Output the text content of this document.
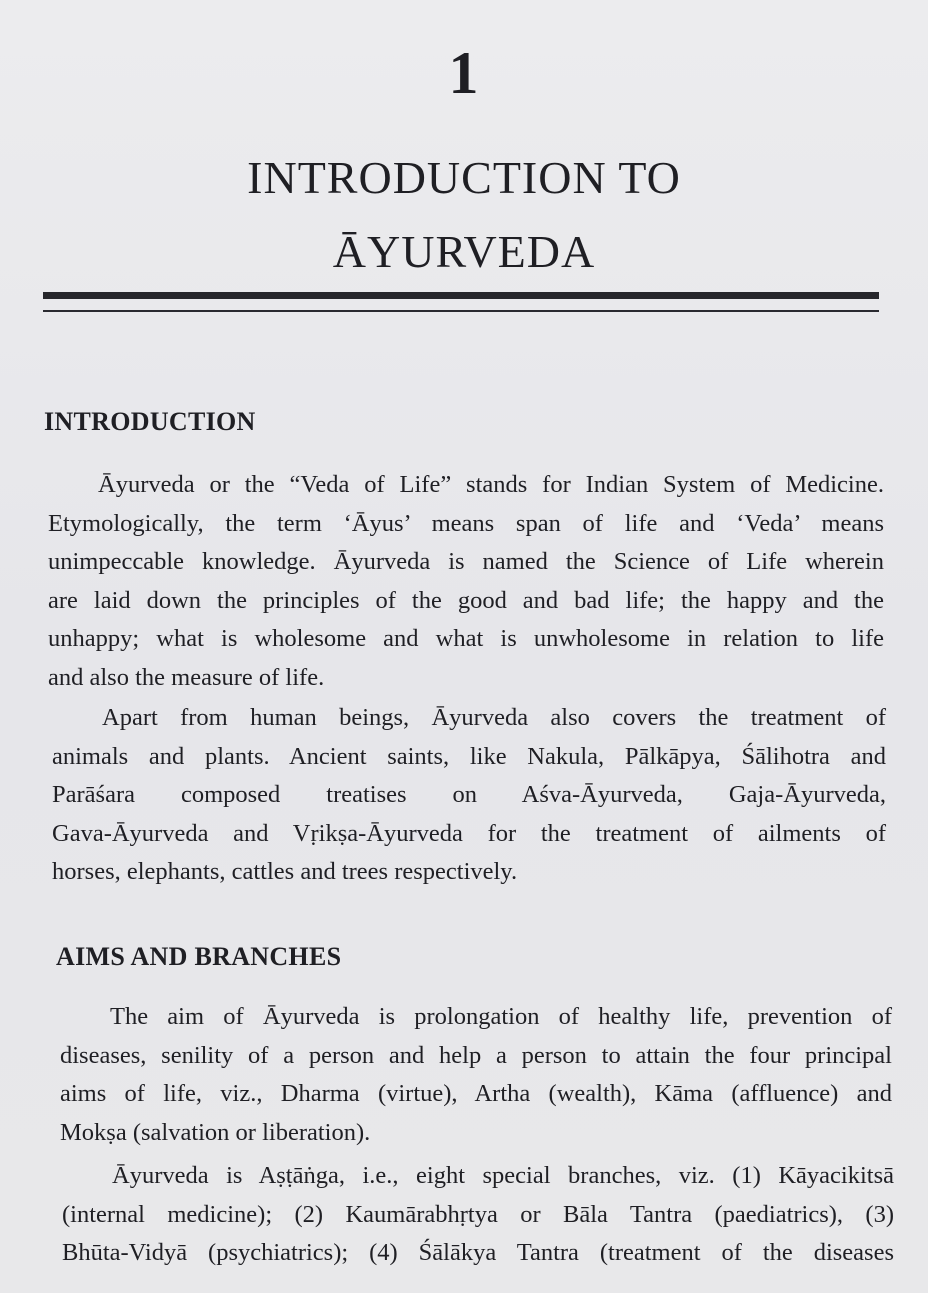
1
INTRODUCTION TO
ĀYURVEDA
INTRODUCTION
Āyurveda or the “Veda of Life” stands for Indian System of Medicine.
Etymologically, the term ‘Āyus’ means span of life and ‘Veda’ means
unimpeccable knowledge. Āyurveda is named the Science of Life wherein
are laid down the principles of the good and bad life; the happy and the
unhappy; what is wholesome and what is unwholesome in relation to life
and also the measure of life.
Apart from human beings, Āyurveda also covers the treatment of
animals and plants. Ancient saints, like Nakula, Pālkāpya, Śālihotra and
Parāśara composed treatises on Aśva-Āyurveda, Gaja-Āyurveda,
Gava-Āyurveda and Vṛikṣa-Āyurveda for the treatment of ailments of
horses, elephants, cattles and trees respectively.
AIMS AND BRANCHES
The aim of Āyurveda is prolongation of healthy life, prevention of
diseases, senility of a person and help a person to attain the four principal
aims of life, viz., Dharma (virtue), Artha (wealth), Kāma (affluence) and
Mokṣa (salvation or liberation).
Āyurveda is Aṣṭāṅga, i.e., eight special branches, viz. (1) Kāyacikitsā
(internal medicine); (2) Kaumārabhṛtya or Bāla Tantra (paediatrics), (3)
Bhūta-Vidyā (psychiatrics); (4) Śālākya Tantra (treatment of the diseases
